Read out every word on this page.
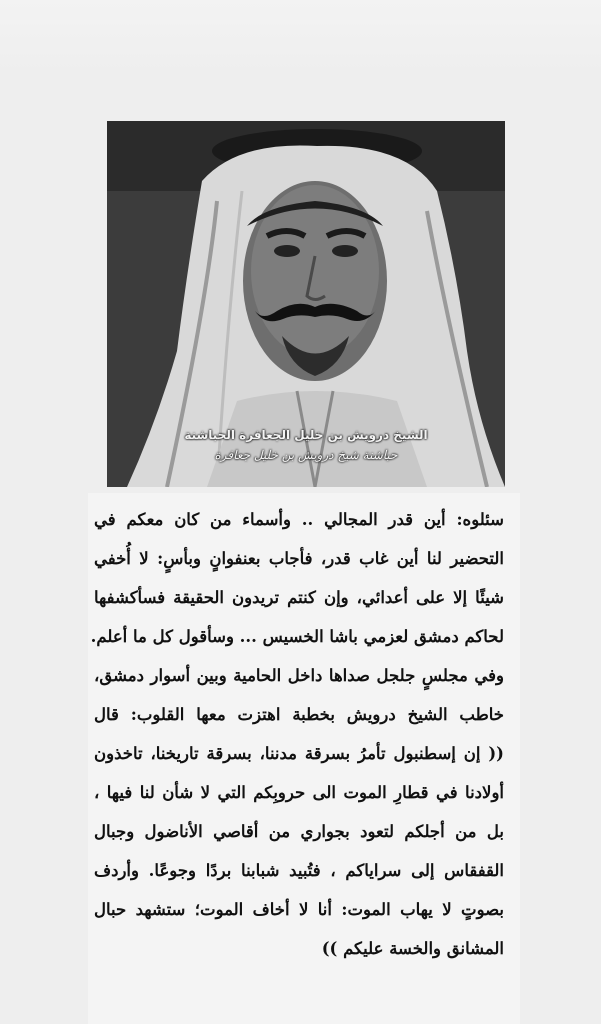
الشيخ درويش بن خليل الجعافرة الحباشنة
حباشنة شيخ درويش بن خليل جعافرة
سئلوه: أين قدر المجالي .. وأسماء من كان معكم في
التحضير لنا أين غاب قدر، فأجاب بعنفوانٍ وبأسٍ: لا أُخفي
شيئًا إلا على أعدائي، وإن كنتم تريدون الحقيقة فسأكشفها
لحاكم دمشق لعزمي باشا الخسيس ... وسأقول كل ما أعلم.
وفي مجلسٍ جلجل صداها داخل الحامية وبين أسوار دمشق،
خاطب الشيخ درويش بخطبة اهتزت معها القلوب: قال
(( إن إسطنبول تأمرُ بسرقة مدننا، بسرقة تاريخنا، تاخذون
أولادنا في قطارِ الموت الى حروبِكم التي لا شأن لنا فيها ،
بل من أجلكم لتعود بجواري من أقاصي الأناضول وجبال
القفقاس إلى سراياكم ، فتُبيد شبابنا بردًا وجوعًا. وأردف
بصوتٍ لا يهاب الموت: أنا لا أخاف الموت؛ ستشهد حبال
المشانق والخسة عليكم ))
